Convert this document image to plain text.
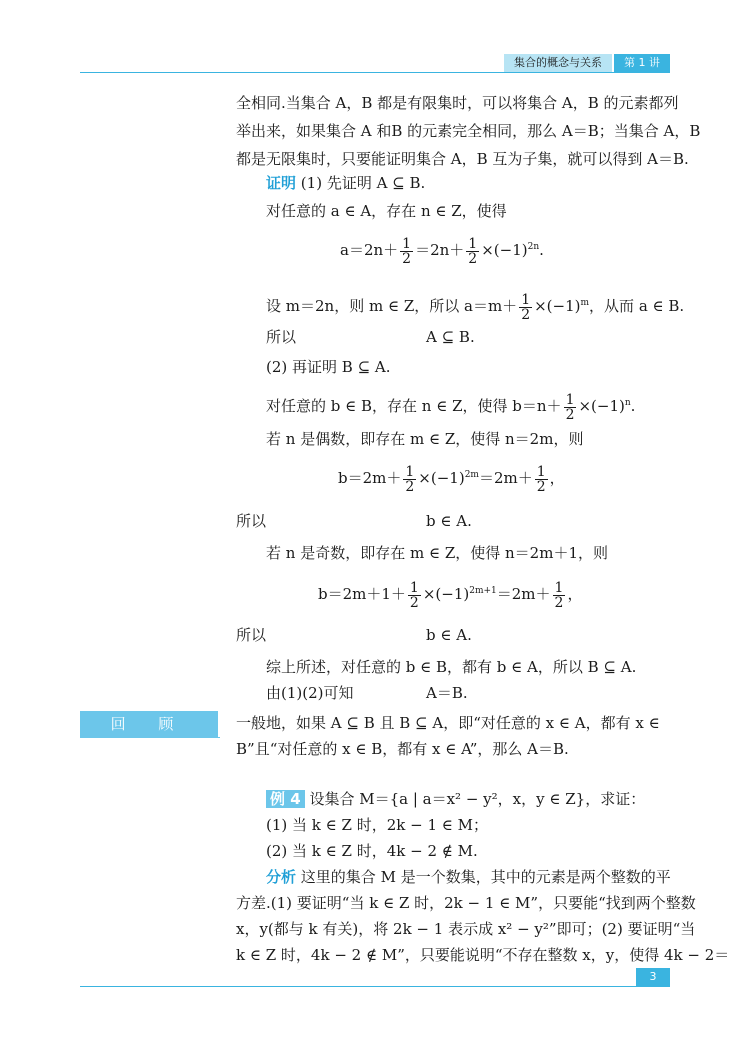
集合的概念与关系	第 1 讲
全相同.当集合 A，B 都是有限集时，可以将集合 A，B 的元素都列
举出来，如果集合 A 和B 的元素完全相同，那么 A＝B；当集合 A，B
都是无限集时，只要能证明集合 A，B 互为子集，就可以得到 A＝B.
证明 (1) 先证明 A ⊆ B.
对任意的 a ∈ A，存在 n ∈ Z，使得
$a=2n+ \frac{1}{2} =2n+ \frac{1}{2} \times(-1)^{2n}$.
设 m＝2n，则 m ∈ Z，所以 $a=m+ \frac{1}{2} \times(-1)^m$，从而 a ∈ B.
所以	A ⊆ B.
(2) 再证明 B ⊆ A.
对任意的 b ∈ B，存在 n ∈ Z，使得 $b=n+ \frac{1}{2} \times(-1)^n$.
若 n 是偶数，即存在 m ∈ Z，使得 n＝2m，则
$b=2m+ \frac{1}{2} \times(-1)^{2m}=2m+ \frac{1}{2}$ ，
所以	b ∈ A.
若 n 是奇数，即存在 m ∈ Z，使得 n＝2m＋1，则
$b=2m+1+ \frac{1}{2} \times(-1)^{2m+1}=2m+ \frac{1}{2}$ ，
所以	b ∈ A.
综上所述，对任意的 b ∈ B，都有 b ∈ A，所以 B ⊆ A.
由(1)(2)可知	A＝B.
回 顾	一般地，如果 A ⊆ B 且 B ⊆ A，即“对任意的 x ∈ A，都有 x ∈
B”且“对任意的 x ∈ B，都有 x ∈ A”，那么 A＝B.
例 4 设集合 M＝{a | a＝x² − y²，x，y ∈ Z}，求证：
(1) 当 k ∈ Z 时，2k − 1 ∈ M；
(2) 当 k ∈ Z 时，4k − 2 ∉ M.
分析 这里的集合 M 是一个数集，其中的元素是两个整数的平
方差.(1) 要证明“当 k ∈ Z 时，2k − 1 ∈ M”，只要能“找到两个整数
x，y(都与 k 有关)，将 2k − 1 表示成 x² − y²”即可；(2) 要证明“当
k ∈ Z 时，4k − 2 ∉ M”，只要能说明“不存在整数 x，y，使得 4k − 2＝
3
